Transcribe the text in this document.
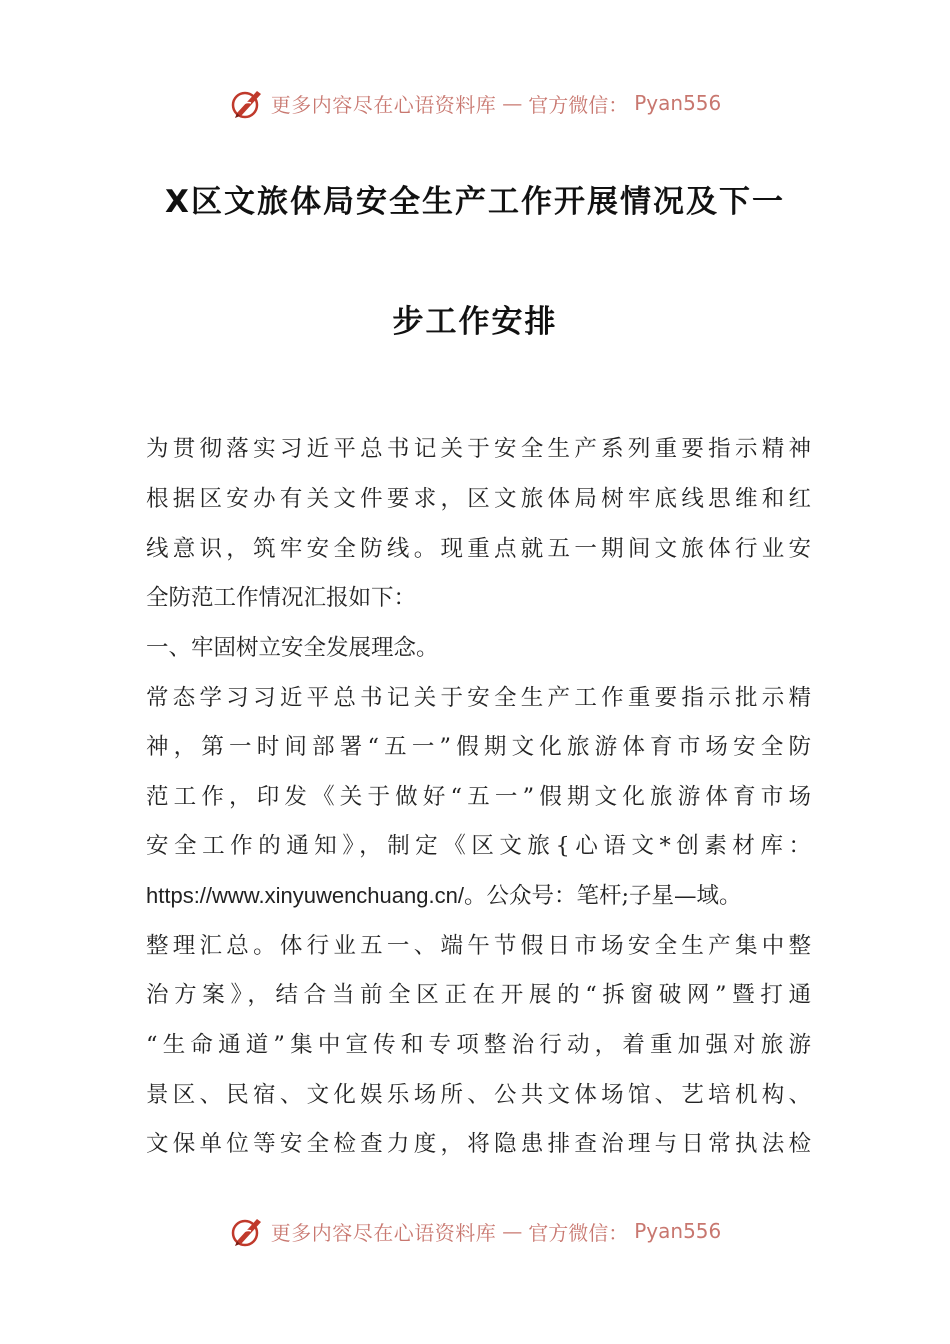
更多内容尽在心语资料库 — 官方微信： Pyan556
X区文旅体局安全生产工作开展情况及下一
步工作安排
为贯彻落实习近平总书记关于安全生产系列重要指示精神
根据区安办有关文件要求，区文旅体局树牢底线思维和红
线意识，筑牢安全防线。现重点就五一期间文旅体行业安
全防范工作情况汇报如下：
一、牢固树立安全发展理念。
常态学习习近平总书记关于安全生产工作重要指示批示精
神，第一时间部署“五一”假期文化旅游体育市场安全防
范工作，印发《关于做好“五一”假期文化旅游体育市场
安全工作的通知》，制定《区文旅{心语文*创素材库：
https://www.xinyuwenchuang.cn/。公众号：笔杆;子星—域。
整理汇总。体行业五一、端午节假日市场安全生产集中整
治方案》，结合当前全区正在开展的“拆窗破网”暨打通
“生命通道”集中宣传和专项整治行动，着重加强对旅游
景区、民宿、文化娱乐场所、公共文体场馆、艺培机构、
文保单位等安全检查力度，将隐患排查治理与日常执法检
更多内容尽在心语资料库 — 官方微信： Pyan556
